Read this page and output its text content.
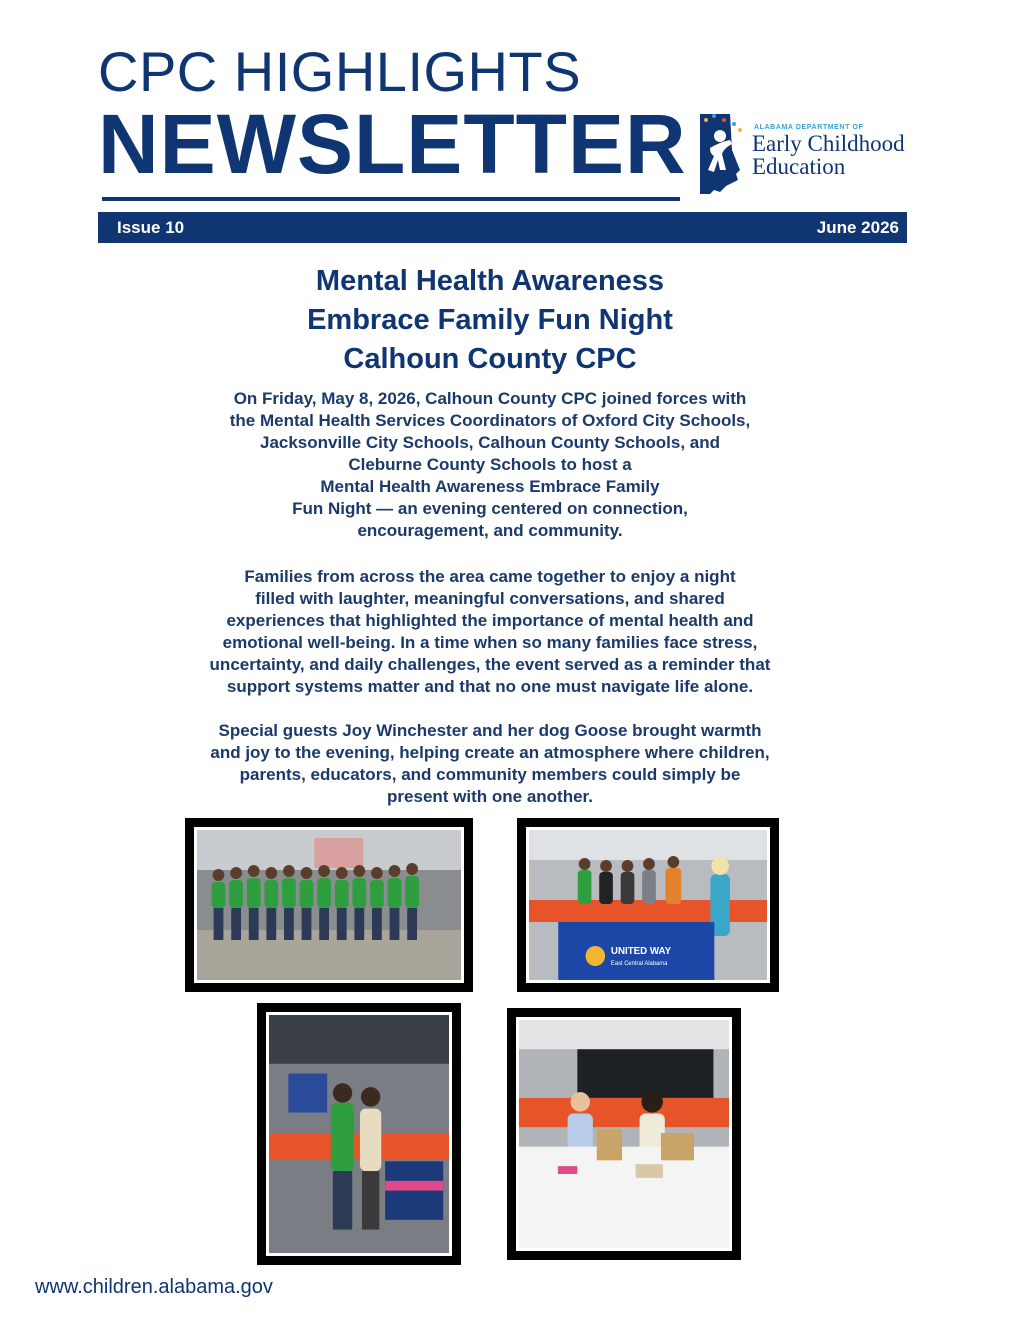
CPC HIGHLIGHTS
NEWSLETTER	ALABAMA DEPARTMENT OF
Early Childhood
Education
Issue 10	June 2026
Mental Health Awareness
Embrace Family Fun Night
Calhoun County CPC
On Friday, May 8, 2026, Calhoun County CPC joined forces with
the Mental Health Services Coordinators of Oxford City Schools,
Jacksonville City Schools, Calhoun County Schools, and
Cleburne County Schools to host a
Mental Health Awareness Embrace Family
Fun Night — an evening centered on connection,
encouragement, and community.
Families from across the area came together to enjoy a night
filled with laughter, meaningful conversations, and shared
experiences that highlighted the importance of mental health and
emotional well-being. In a time when so many families face stress,
uncertainty, and daily challenges, the event served as a reminder that
support systems matter and that no one must navigate life alone.
Special guests Joy Winchester and her dog Goose brought warmth
and joy to the evening, helping create an atmosphere where children,
parents, educators, and community members could simply be
present with one another.
UNITED WAY
East Central Alabama
www.children.alabama.gov
